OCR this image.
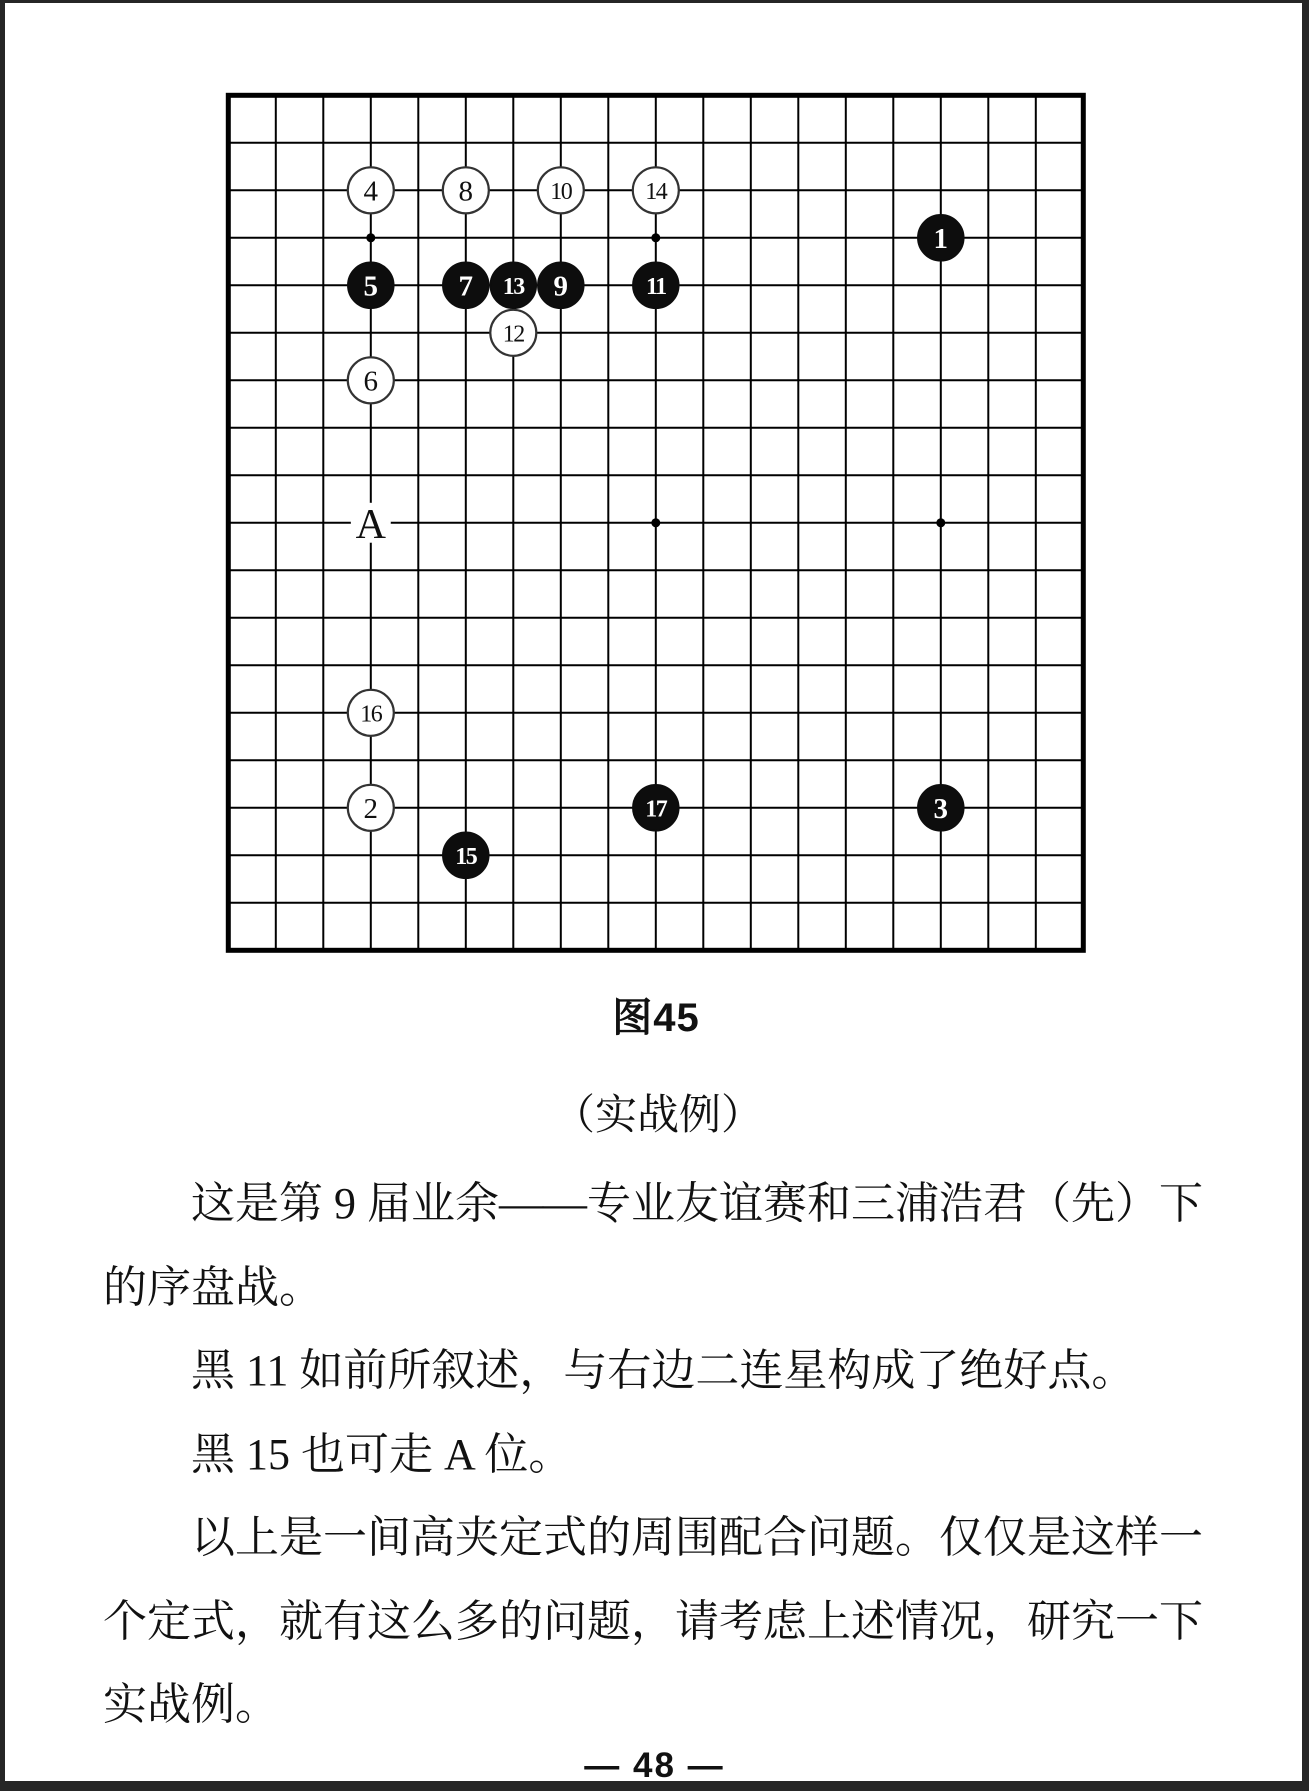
A
1
2	3
4
5
6
7
8
9
10
11
12
13
14
15
16
17
图45
（实战例）
这是第 9 届业余——专业友谊赛和三浦浩君（先）下
的序盘战。
黑 11 如前所叙述，与右边二连星构成了绝好点。
黑 15 也可走 A 位。
以上是一间高夹定式的周围配合问题。仅仅是这样一
个定式，就有这么多的问题，请考虑上述情况，研究一下
实战例。
— 48 —
